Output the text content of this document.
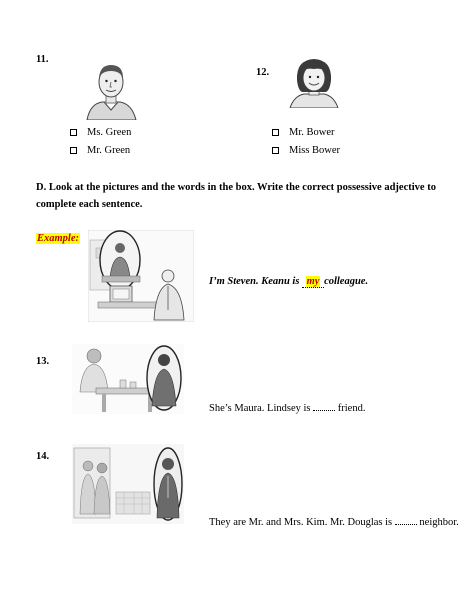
11.
Ms. Green
Mr. Green
12.
Mr. Bower
Miss Bower
D. Look at the pictures and the words in the box. Write the correct possessive adjective to complete each sentence.
Example:
I’m Steven. Keanu is my colleague.
13.
She’s Maura. Lindsey is	friend.
14.
They are Mr. and Mrs. Kim. Mr. Douglas is	neighbor.
